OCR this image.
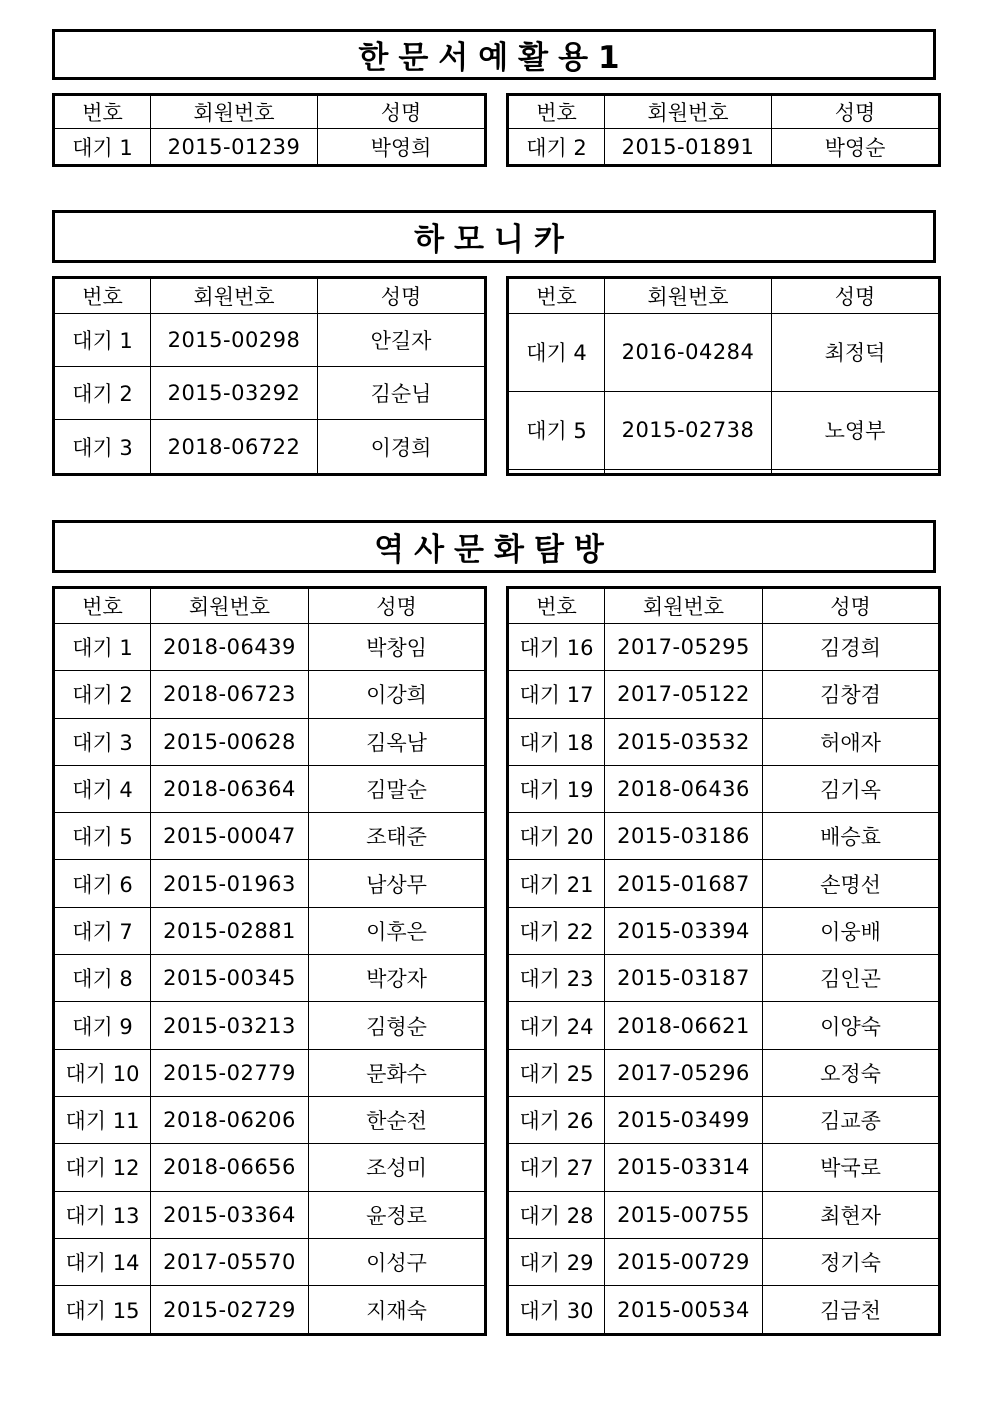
한문서예활용1
번호	회원번호	성명
대기 1	2015-01239	박영희
번호	회원번호	성명
대기 2	2015-01891	박영순
하모니카
번호	회원번호	성명
대기 1	2015-00298	안길자
대기 2	2015-03292	김순님
대기 3	2018-06722	이경희
번호	회원번호	성명
대기 4	2016-04284	최정덕
대기 5	2015-02738	노영부

역사문화탐방
번호	회원번호	성명
대기 1	2018-06439	박창임
대기 2	2018-06723	이강희
대기 3	2015-00628	김옥남
대기 4	2018-06364	김말순
대기 5	2015-00047	조태준
대기 6	2015-01963	남상무
대기 7	2015-02881	이후은
대기 8	2015-00345	박강자
대기 9	2015-03213	김형순
대기 10	2015-02779	문화수
대기 11	2018-06206	한순전
대기 12	2018-06656	조성미
대기 13	2015-03364	윤정로
대기 14	2017-05570	이성구
대기 15	2015-02729	지재숙
번호	회원번호	성명
대기 16	2017-05295	김경희
대기 17	2017-05122	김창겸
대기 18	2015-03532	허애자
대기 19	2018-06436	김기옥
대기 20	2015-03186	배승효
대기 21	2015-01687	손명선
대기 22	2015-03394	이웅배
대기 23	2015-03187	김인곤
대기 24	2018-06621	이양숙
대기 25	2017-05296	오정숙
대기 26	2015-03499	김교종
대기 27	2015-03314	박국로
대기 28	2015-00755	최현자
대기 29	2015-00729	정기숙
대기 30	2015-00534	김금천
